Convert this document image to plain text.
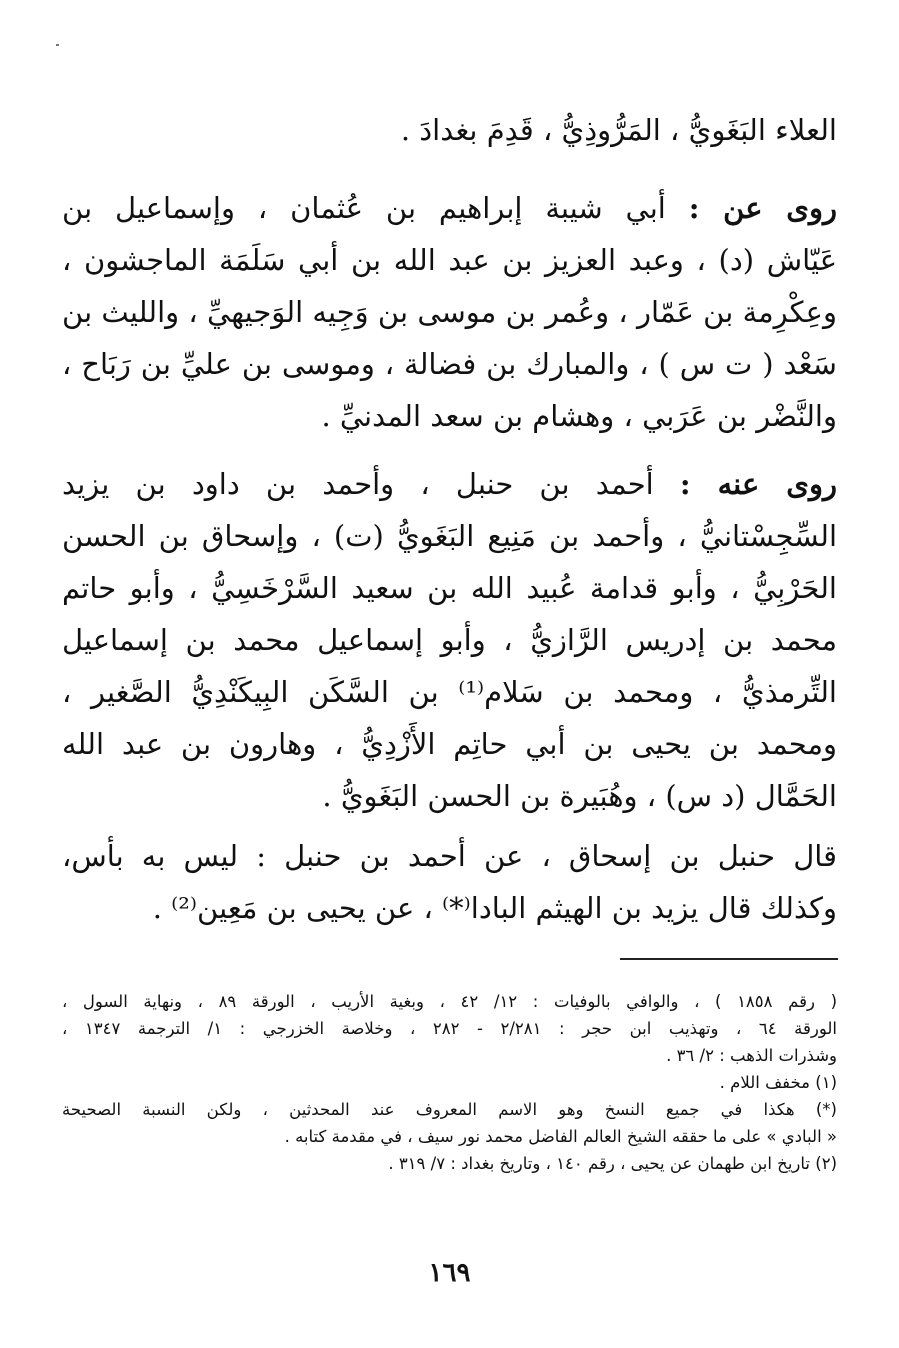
العلاء البَغَويُّ ، المَرُّوذِيُّ ، قَدِمَ بغدادَ .
روى عن : أبي شيبة إبراهيم بن عُثمان ، وإسماعيل بن
عَيّاش (د) ، وعبد العزيز بن عبد الله بن أبي سَلَمَة الماجشون ،
وعِكْرِمة بن عَمّار ، وعُمر بن موسى بن وَجِيه الوَجيهيِّ ، والليث بن
سَعْد ( ت س ) ، والمبارك بن فضالة ، وموسى بن عليِّ بن رَبَاح ،
والنَّضْر بن عَرَبي ، وهشام بن سعد المدنيِّ .
روى عنه : أحمد بن حنبل ، وأحمد بن داود بن يزيد
السِّجِسْتانيُّ ، وأحمد بن مَنِيع البَغَويُّ (ت) ، وإسحاق بن الحسن
الحَرْبِيُّ ، وأبو قدامة عُبيد الله بن سعيد السَّرْخَسِيُّ ، وأبو حاتم
محمد بن إدريس الرَّازيُّ ، وأبو إسماعيل محمد بن إسماعيل
التِّرمذيُّ ، ومحمد بن سَلام⁽¹⁾ بن السَّكَن البِيكَنْدِيُّ الصَّغير ،
ومحمد بن يحيى بن أبي حاتِم الأَزْدِيُّ ، وهارون بن عبد الله
الحَمَّال (د س) ، وهُبَيرة بن الحسن البَغَويُّ .
قال حنبل بن إسحاق ، عن أحمد بن حنبل : ليس به بأس،
وكذلك قال يزيد بن الهيثم البادا⁽*⁾ ، عن يحيى بن مَعِين⁽²⁾ .
( رقم ١٨٥٨ ) ، والوافي بالوفيات : ١٢/ ٤٢ ، وبغية الأريب ، الورقة ٨٩ ، ونهاية السول ،
الورقة ٦٤ ، وتهذيب ابن حجر : ٢/٢٨١ - ٢٨٢ ، وخلاصة الخزرجي : ١/ الترجمة ١٣٤٧ ،
وشذرات الذهب : ٢/ ٣٦ .
(١) مخفف اللام .
(*) هكذا في جميع النسخ وهو الاسم المعروف عند المحدثين ، ولكن النسبة الصحيحة
« البادي » على ما حققه الشيخ العالم الفاضل محمد نور سيف ، في مقدمة كتابه .
(٢) تاريخ ابن طهمان عن يحيى ، رقم ١٤٠ ، وتاريخ بغداد : ٧/ ٣١٩ .
١٦٩
